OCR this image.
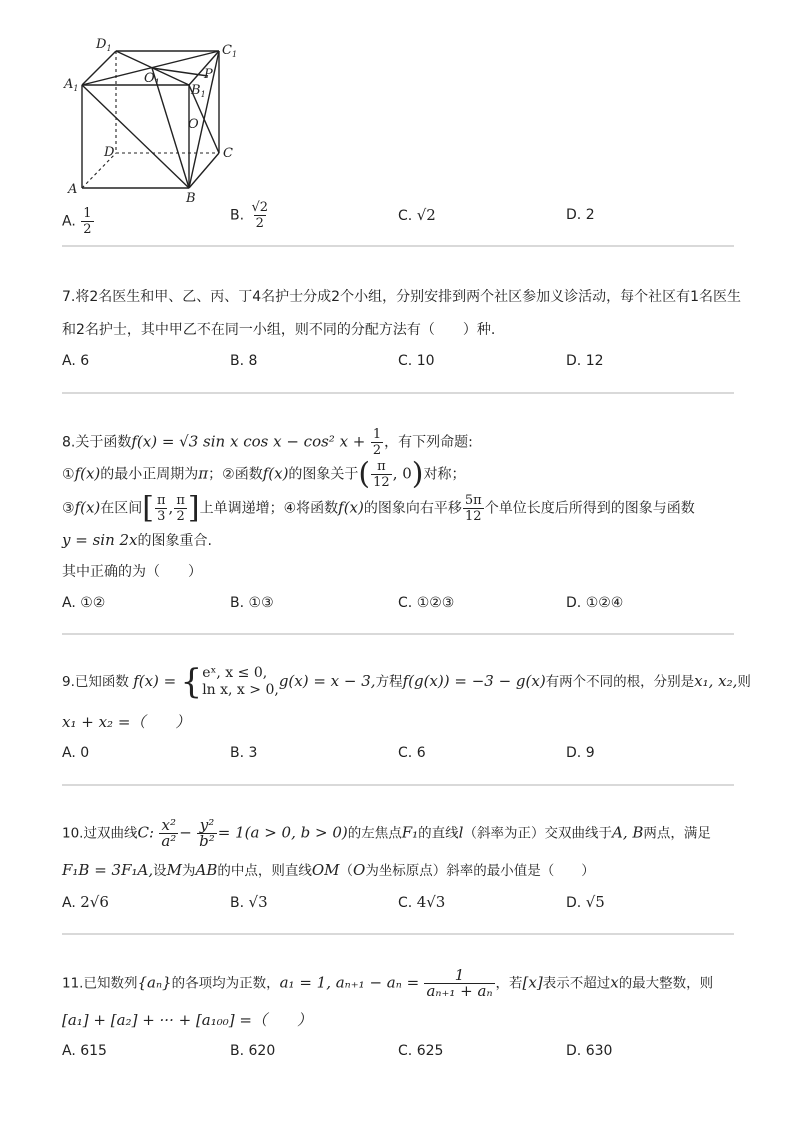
$D_1$	$C_1$
$A_1$
$O_1$
P
$B_1$
O
D	C
A
B
A. $\frac{1}{2}$	B. $\frac{√2}{2}$	C. √2	D. 2
7.将2名医生和甲、乙、丙、丁4名护士分成2个小组，分别安排到两个社区参加义诊活动，每个社区有1名医生
和2名护士，其中甲乙不在同一小组，则不同的分配方法有（　　）种.
A. 6	B. 8	C. 10	D. 12
8.关于函数f(x) = √3 sin x cos x − cos² $x + \frac{1}{2}$ ，有下列命题:
①f(x)的最小正周期为π；②函数f(x)的图象关于( $\frac{\pi}{12}$ , 0)对称；
③f(x)在区间[ $\frac{\pi}{3}$ , $\frac{\pi}{2}$ ]上单调递增；④将函数f(x)的图象向右平移 $\frac{5\pi}{12}$ 个单位长度后所得到的图象与函数
y = sin 2x的图象重合.
其中正确的为（　　）
A. ①②	B. ①③	C. ①②③	D. ①②④
9.已知函数 f(x) = { eˣ, x ≤ 0,
ln x, x > 0, g(x) = x − 3,方程f(g(x)) = −3 − g(x)有两个不同的根，分别是x₁, x₂,则
x₁ + x₂ =（　　）
A. 0	B. 3	C. 6	D. 9
10.过双曲线C: $\frac{\text{x²}}{\text{a²}} - \frac{\text{y²}}{\text{b²}} = 1(a > 0$, b > 0)的左焦点F₁的直线l（斜率为正）交双曲线于A, B两点，满足
F₁B = 3F₁A,设M为AB的中点，则直线OM（O为坐标原点）斜率的最小值是（　　）
A. 2√6	B. √3	C. 4√3	D. √5
11.已知数列{aₙ}的各项均为正数，a₁ = 1, $a_{n+1} - a_n = \frac{1}{\text{aₙ₊₁ + aₙ}}$ ，若[x]表示不超过x的最大整数，则
[a₁] + [a₂] + ··· + [a₁₀₀] =（　　）
A. 615	B. 620	C. 625	D. 630
